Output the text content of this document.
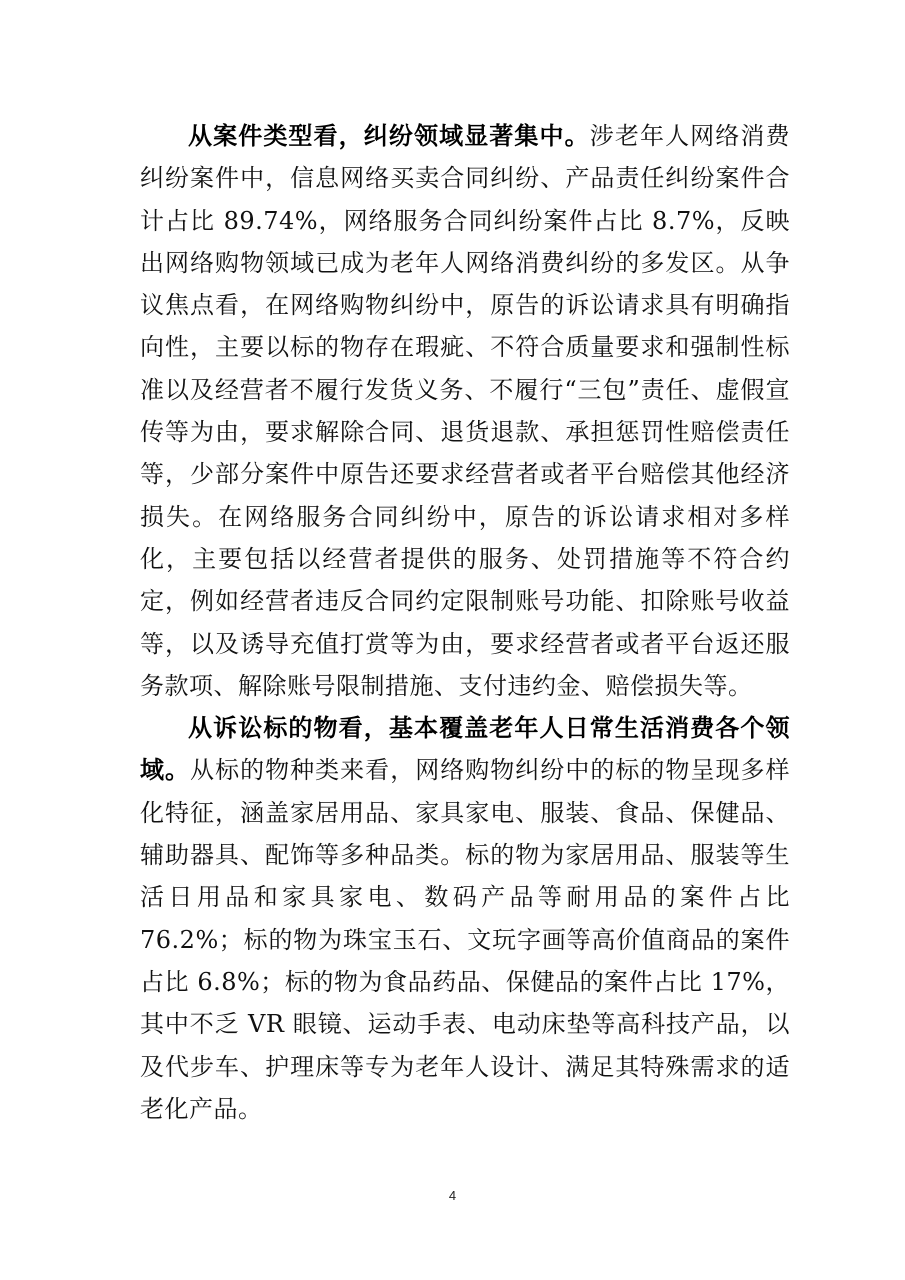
从案件类型看，纠纷领域显著集中。涉老年人网络消费纠纷案件中，信息网络买卖合同纠纷、产品责任纠纷案件合计占比 89.74%，网络服务合同纠纷案件占比 8.7%，反映出网络购物领域已成为老年人网络消费纠纷的多发区。从争议焦点看，在网络购物纠纷中，原告的诉讼请求具有明确指向性，主要以标的物存在瑕疵、不符合质量要求和强制性标准以及经营者不履行发货义务、不履行“三包”责任、虚假宣传等为由，要求解除合同、退货退款、承担惩罚性赔偿责任等，少部分案件中原告还要求经营者或者平台赔偿其他经济损失。在网络服务合同纠纷中，原告的诉讼请求相对多样化，主要包括以经营者提供的服务、处罚措施等不符合约定，例如经营者违反合同约定限制账号功能、扣除账号收益等，以及诱导充值打赏等为由，要求经营者或者平台返还服务款项、解除账号限制措施、支付违约金、赔偿损失等。

从诉讼标的物看，基本覆盖老年人日常生活消费各个领域。从标的物种类来看，网络购物纠纷中的标的物呈现多样化特征，涵盖家居用品、家具家电、服装、食品、保健品、辅助器具、配饰等多种品类。标的物为家居用品、服装等生活日用品和家具家电、数码产品等耐用品的案件占比 76.2%；标的物为珠宝玉石、文玩字画等高价值商品的案件占比 6.8%；标的物为食品药品、保健品的案件占比 17%，其中不乏 VR 眼镜、运动手表、电动床垫等高科技产品，以及代步车、护理床等专为老年人设计、满足其特殊需求的适老化产品。

4
